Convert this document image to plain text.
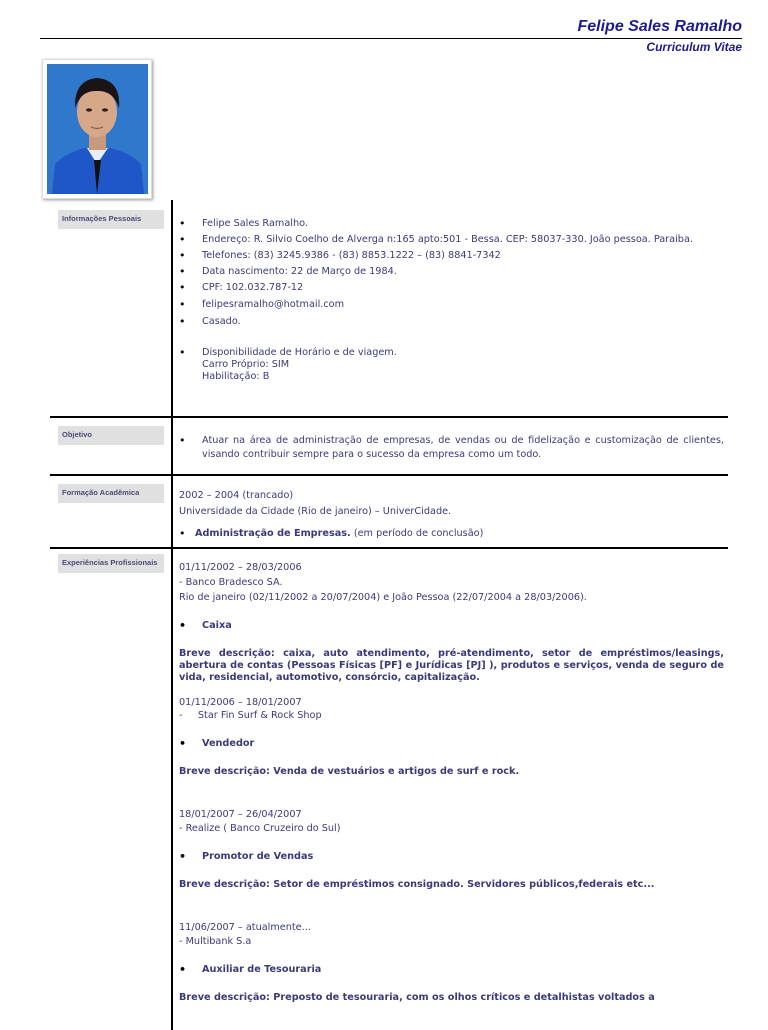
Felipe Sales Ramalho
Curriculum Vitae
Informações Pessoais
•	Felipe Sales Ramalho.
• Endereço: R. Silvio Coelho de Alverga n:165 apto:501 - Bessa. CEP: 58037-330. João pessoa. Paraiba.
• Telefones: (83) 3245.9386 - (83) 8853.1222 – (83) 8841-7342
• Data nascimento: 22 de Março de 1984.
• CPF: 102.032.787-12
• felipesramalho@hotmail.com
• Casado.
• Disponibilidade de Horário e de viagem.
Carro Próprio: SIM
Habilitação: B
Objetivo
• Atuar na área de administração de empresas, de vendas ou de fidelização e customização de clientes, visando contribuir sempre para o sucesso da empresa como um todo.
Formação Acadêmica	2002 – 2004 (trancado)
Universidade da Cidade (Rio de janeiro) – UniverCidade.
• Administração de Empresas. (em período de conclusão)
Experiências Profissionais	01/11/2002 – 28/03/2006
- Banco Bradesco SA.
Rio de janeiro (02/11/2002 a 20/07/2004) e João Pessoa (22/07/2004 a 28/03/2006).
• Caixa
Breve descrição: caixa, auto atendimento, pré-atendimento, setor de empréstimos/leasings, abertura de contas (Pessoas Físicas [PF] e Jurídicas [PJ] ), produtos e serviços, venda de seguro de vida, residencial, automotivo, consórcio, capitalização.
01/11/2006 – 18/01/2007
-     Star Fin Surf & Rock Shop
• Vendedor
Breve descrição: Venda de vestuários e artigos de surf e rock.
18/01/2007 – 26/04/2007
- Realize ( Banco Cruzeiro do Sul)
• Promotor de Vendas
Breve descrição: Setor de empréstimos consignado. Servidores públicos,federais etc...
11/06/2007 – atualmente...
- Multibank S.a
• Auxiliar de Tesouraria
Breve descrição: Preposto de tesouraria, com os olhos críticos e detalhistas voltados a
